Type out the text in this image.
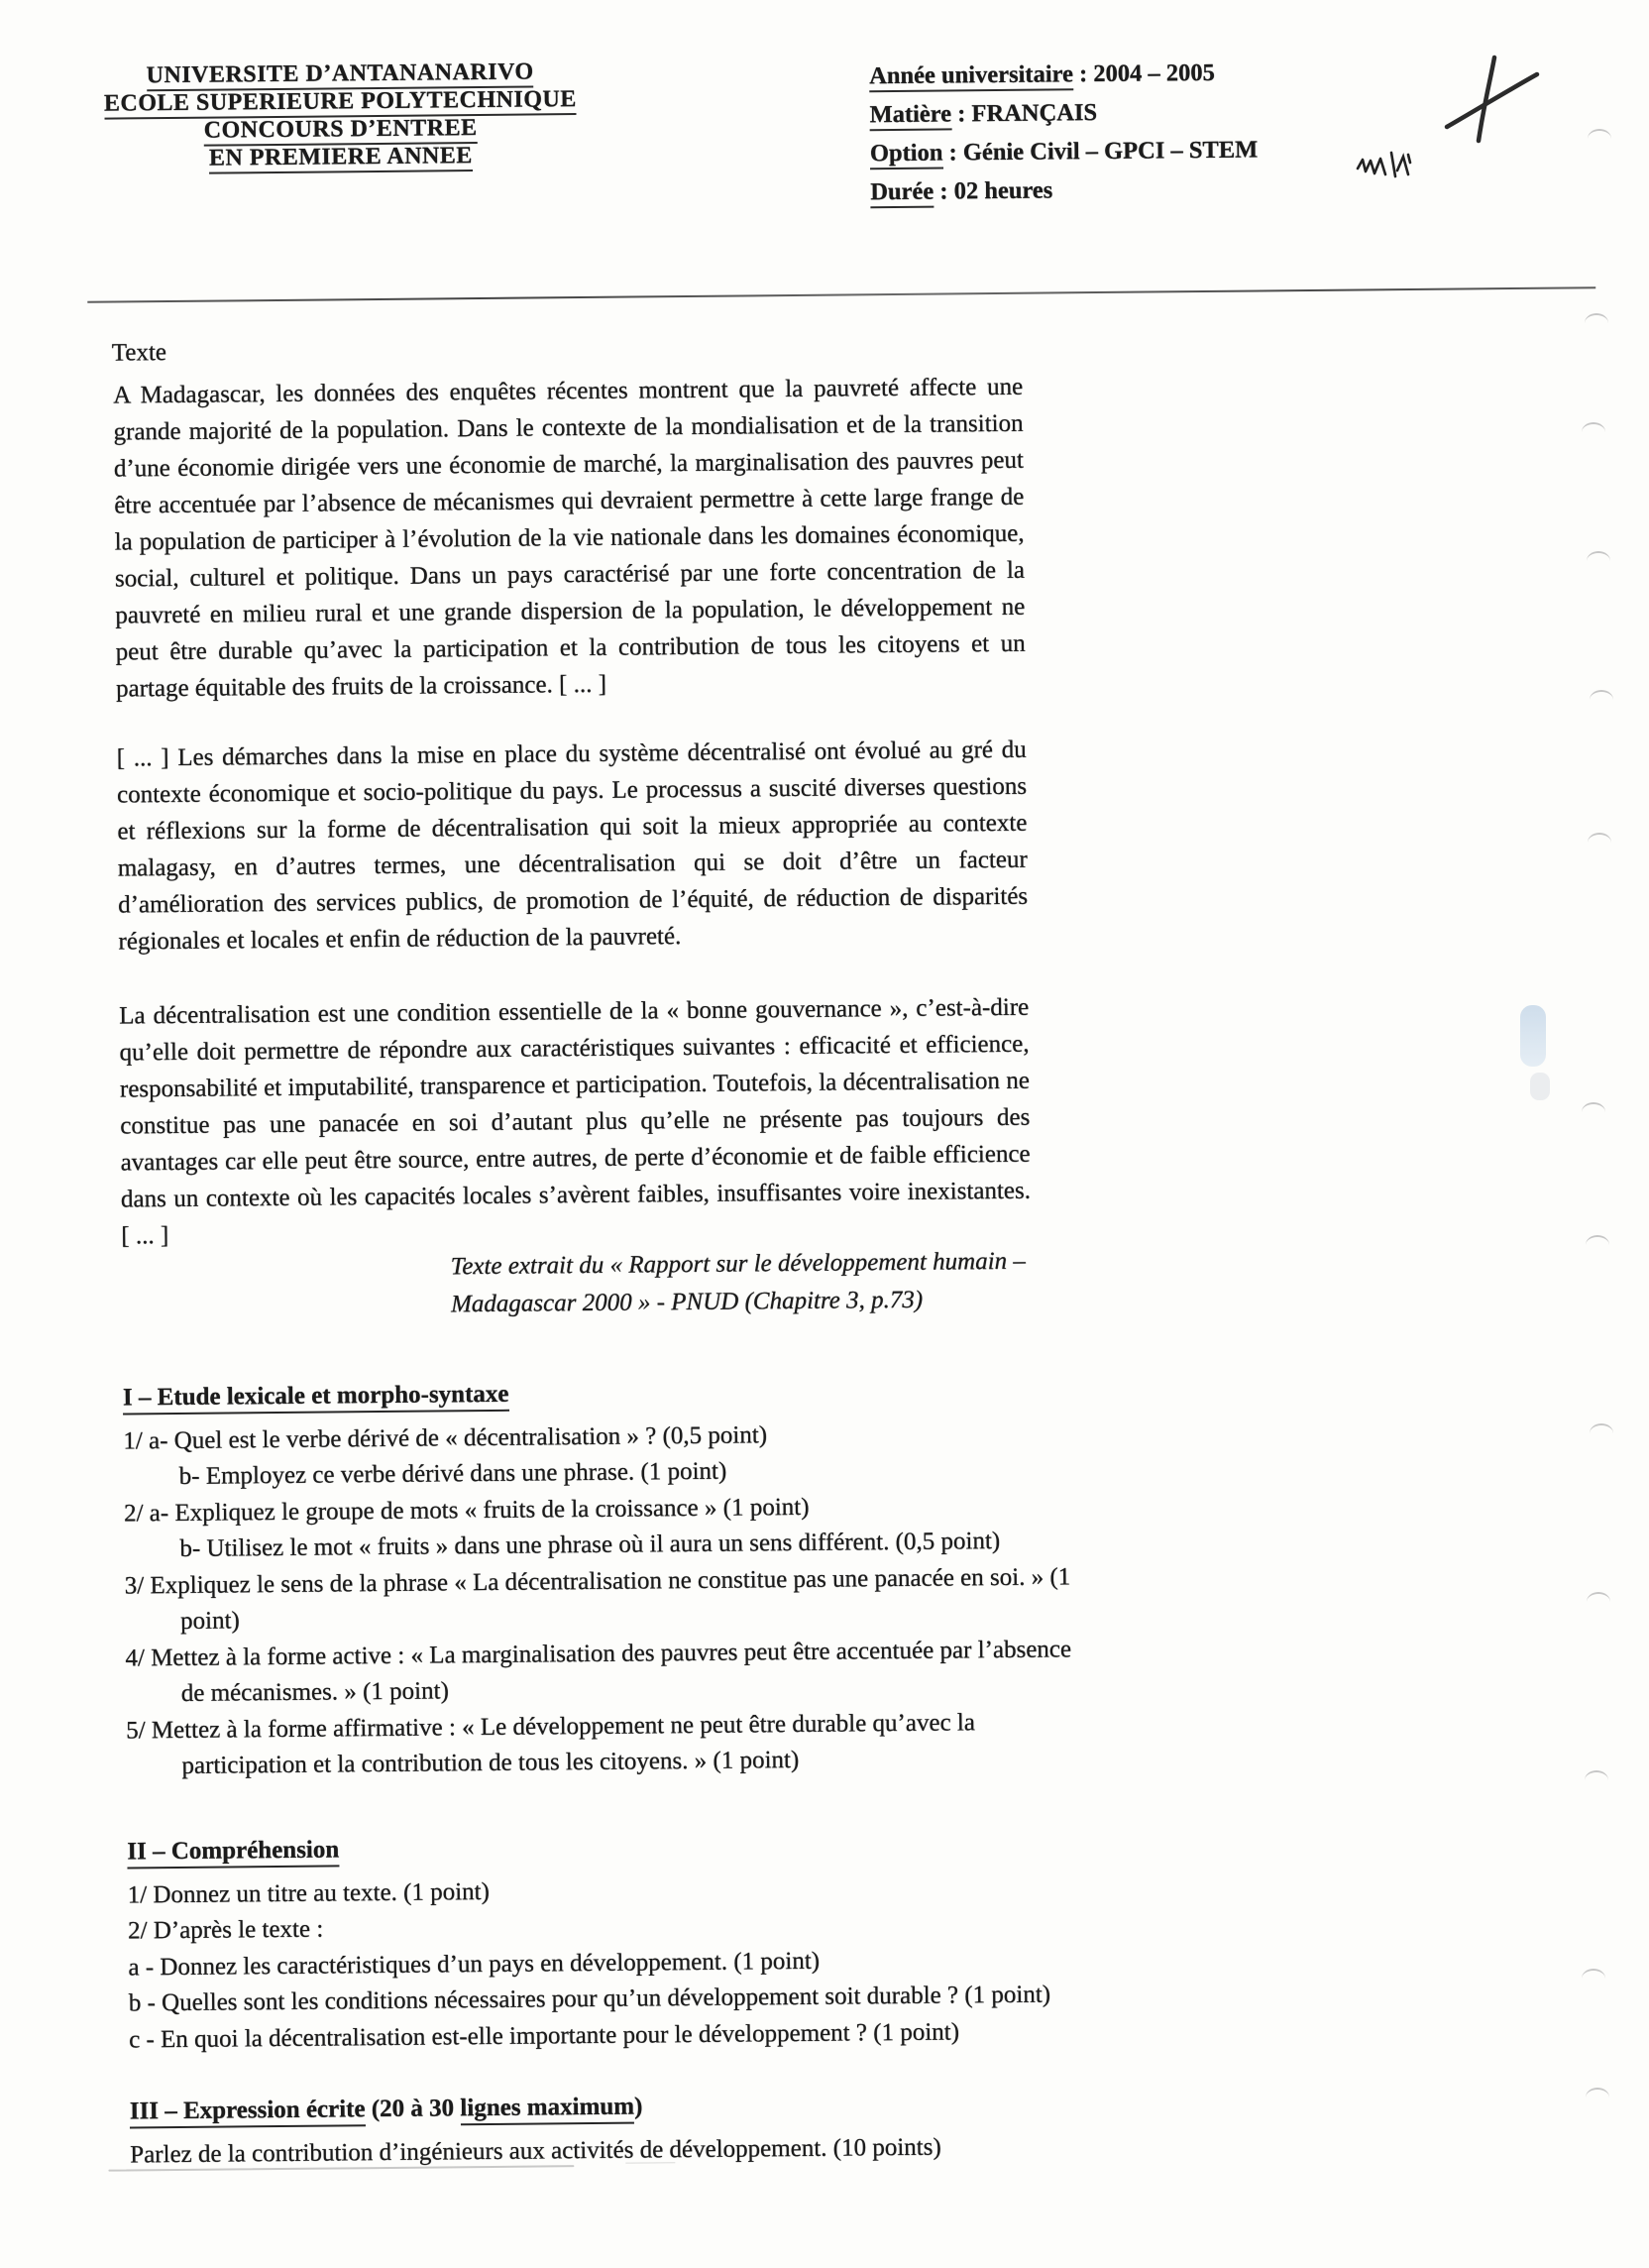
UNIVERSITE D’ANTANANARIVO
ECOLE SUPERIEURE POLYTECHNIQUE
CONCOURS D’ENTREE
EN PREMIERE ANNEE
Année universitaire : 2004 – 2005
Matière : FRANÇAIS
Option : Génie Civil – GPCI – STEM
Durée : 02 heures
Texte
A Madagascar, les données des enquêtes récentes montrent que la pauvreté affecte une grande majorité de la population. Dans le contexte de la mondialisation et de la transition d’une économie dirigée vers une économie de marché, la marginalisation des pauvres peut être accentuée par l’absence de mécanismes qui devraient permettre à cette large frange de la population de participer à l’évolution de la vie nationale dans les domaines économique, social, culturel et politique. Dans un pays caractérisé par une forte concentration de la pauvreté en milieu rural et une grande dispersion de la population, le développement ne peut être durable qu’avec la participation et la contribution de tous les citoyens et un partage équitable des fruits de la croissance. [ ... ]
[ ... ] Les démarches dans la mise en place du système décentralisé ont évolué au gré du contexte économique et socio-politique du pays. Le processus a suscité diverses questions et réflexions sur la forme de décentralisation qui soit la mieux appropriée au contexte malagasy, en d’autres termes, une décentralisation qui se doit d’être un facteur d’amélioration des services publics, de promotion de l’équité, de réduction de disparités régionales et locales et enfin de réduction de la pauvreté.
La décentralisation est une condition essentielle de la « bonne gouvernance », c’est-à-dire qu’elle doit permettre de répondre aux caractéristiques suivantes : efficacité et efficience, responsabilité et imputabilité, transparence et participation. Toutefois, la décentralisation ne constitue pas une panacée en soi d’autant plus qu’elle ne présente pas toujours des avantages car elle peut être source, entre autres, de perte d’économie et de faible efficience dans un contexte où les capacités locales s’avèrent faibles, insuffisantes voire inexistantes. [ ... ]
Texte extrait du « Rapport sur le développement humain –
Madagascar 2000 » - PNUD (Chapitre 3, p.73)
I – Etude lexicale et morpho-syntaxe
1/ a- Quel est le verbe dérivé de « décentralisation » ? (0,5 point)
b- Employez ce verbe dérivé dans une phrase. (1 point)
2/ a- Expliquez le groupe de mots « fruits de la croissance » (1 point)
b- Utilisez le mot « fruits » dans une phrase où il aura un sens différent. (0,5 point)
3/ Expliquez le sens de la phrase « La décentralisation ne constitue pas une panacée en soi. » (1 point)
4/ Mettez à la forme active : « La marginalisation des pauvres peut être accentuée par l’absence de mécanismes. » (1 point)
5/ Mettez à la forme affirmative : « Le développement ne peut être durable qu’avec la participation et la contribution de tous les citoyens. » (1 point)
II – Compréhension
1/ Donnez un titre au texte. (1 point)
2/ D’après le texte :
a - Donnez les caractéristiques d’un pays en développement. (1 point)
b - Quelles sont les conditions nécessaires pour qu’un développement soit durable ? (1 point)
c - En quoi la décentralisation est-elle importante pour le développement ? (1 point)
III – Expression écrite (20 à 30 lignes maximum)
Parlez de la contribution d’ingénieurs aux activités de développement. (10 points)
